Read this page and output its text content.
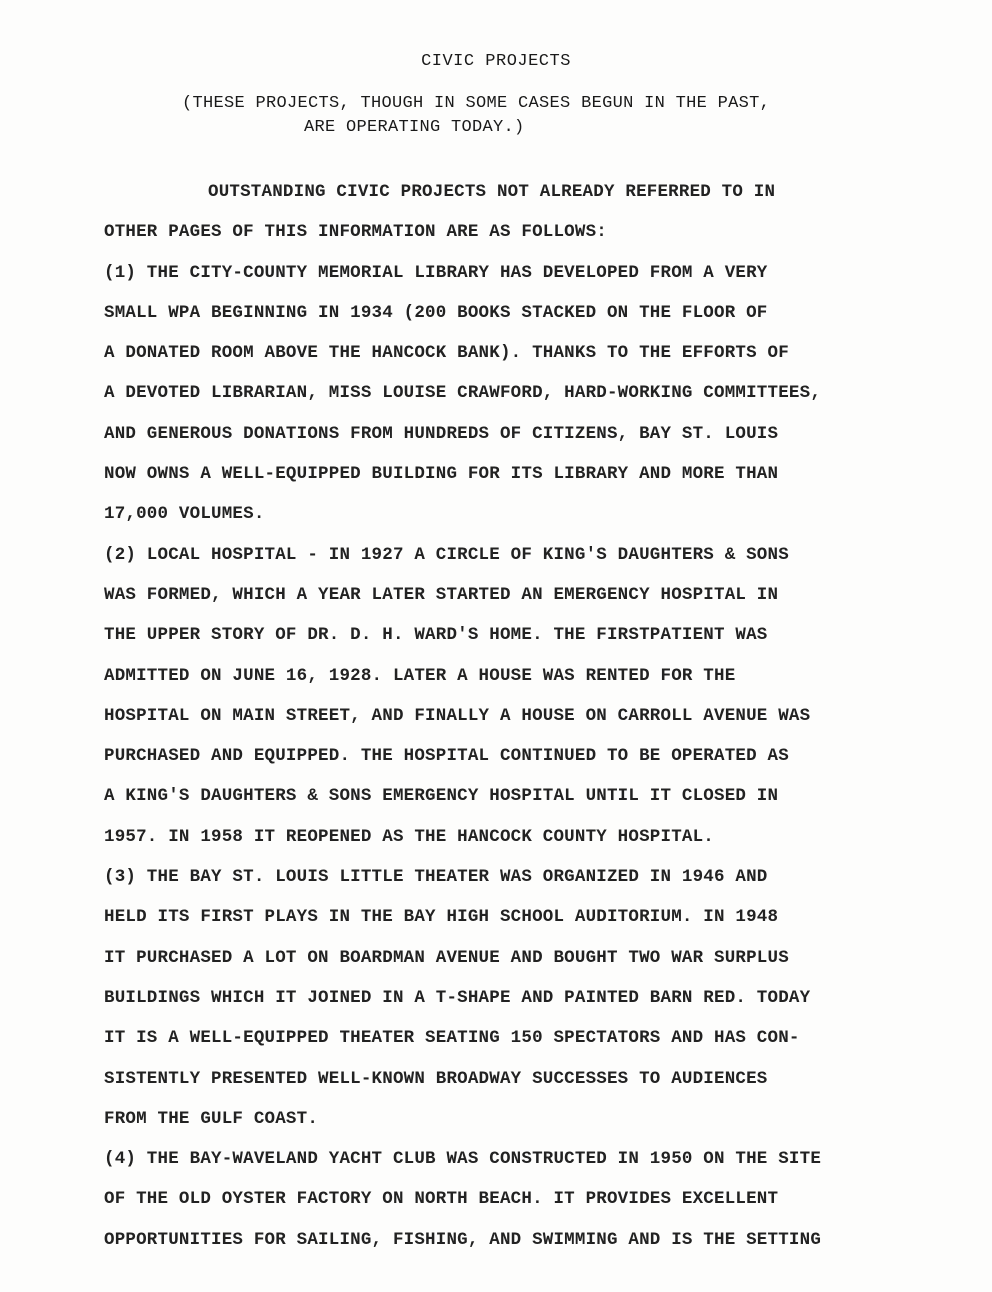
CIVIC PROJECTS
(THESE PROJECTS, THOUGH IN SOME CASES BEGUN IN THE PAST,
ARE OPERATING TODAY.)
OUTSTANDING CIVIC PROJECTS NOT ALREADY REFERRED TO IN
OTHER PAGES OF THIS INFORMATION ARE AS FOLLOWS:
(1) THE CITY-COUNTY MEMORIAL LIBRARY HAS DEVELOPED FROM A VERY
SMALL WPA BEGINNING IN 1934 (200 BOOKS STACKED ON THE FLOOR OF
A DONATED ROOM ABOVE THE HANCOCK BANK). THANKS TO THE EFFORTS OF
A DEVOTED LIBRARIAN, MISS LOUISE CRAWFORD, HARD-WORKING COMMITTEES,
AND GENEROUS DONATIONS FROM HUNDREDS OF CITIZENS, BAY ST. LOUIS
NOW OWNS A WELL-EQUIPPED BUILDING FOR ITS LIBRARY AND MORE THAN
17,000 VOLUMES.
(2) LOCAL HOSPITAL - IN 1927 A CIRCLE OF KING'S DAUGHTERS & SONS
WAS FORMED, WHICH A YEAR LATER STARTED AN EMERGENCY HOSPITAL IN
THE UPPER STORY OF DR. D. H. WARD'S HOME. THE FIRSTPATIENT WAS
ADMITTED ON JUNE 16, 1928. LATER A HOUSE WAS RENTED FOR THE
HOSPITAL ON MAIN STREET, AND FINALLY A HOUSE ON CARROLL AVENUE WAS
PURCHASED AND EQUIPPED. THE HOSPITAL CONTINUED TO BE OPERATED AS
A KING'S DAUGHTERS & SONS EMERGENCY HOSPITAL UNTIL IT CLOSED IN
1957. IN 1958 IT REOPENED AS THE HANCOCK COUNTY HOSPITAL.
(3) THE BAY ST. LOUIS LITTLE THEATER WAS ORGANIZED IN 1946 AND
HELD ITS FIRST PLAYS IN THE BAY HIGH SCHOOL AUDITORIUM. IN 1948
IT PURCHASED A LOT ON BOARDMAN AVENUE AND BOUGHT TWO WAR SURPLUS
BUILDINGS WHICH IT JOINED IN A T-SHAPE AND PAINTED BARN RED. TODAY
IT IS A WELL-EQUIPPED THEATER SEATING 150 SPECTATORS AND HAS CON-
SISTENTLY PRESENTED WELL-KNOWN BROADWAY SUCCESSES TO AUDIENCES
FROM THE GULF COAST.
(4) THE BAY-WAVELAND YACHT CLUB WAS CONSTRUCTED IN 1950 ON THE SITE
OF THE OLD OYSTER FACTORY ON NORTH BEACH. IT PROVIDES EXCELLENT
OPPORTUNITIES FOR SAILING, FISHING, AND SWIMMING AND IS THE SETTING
